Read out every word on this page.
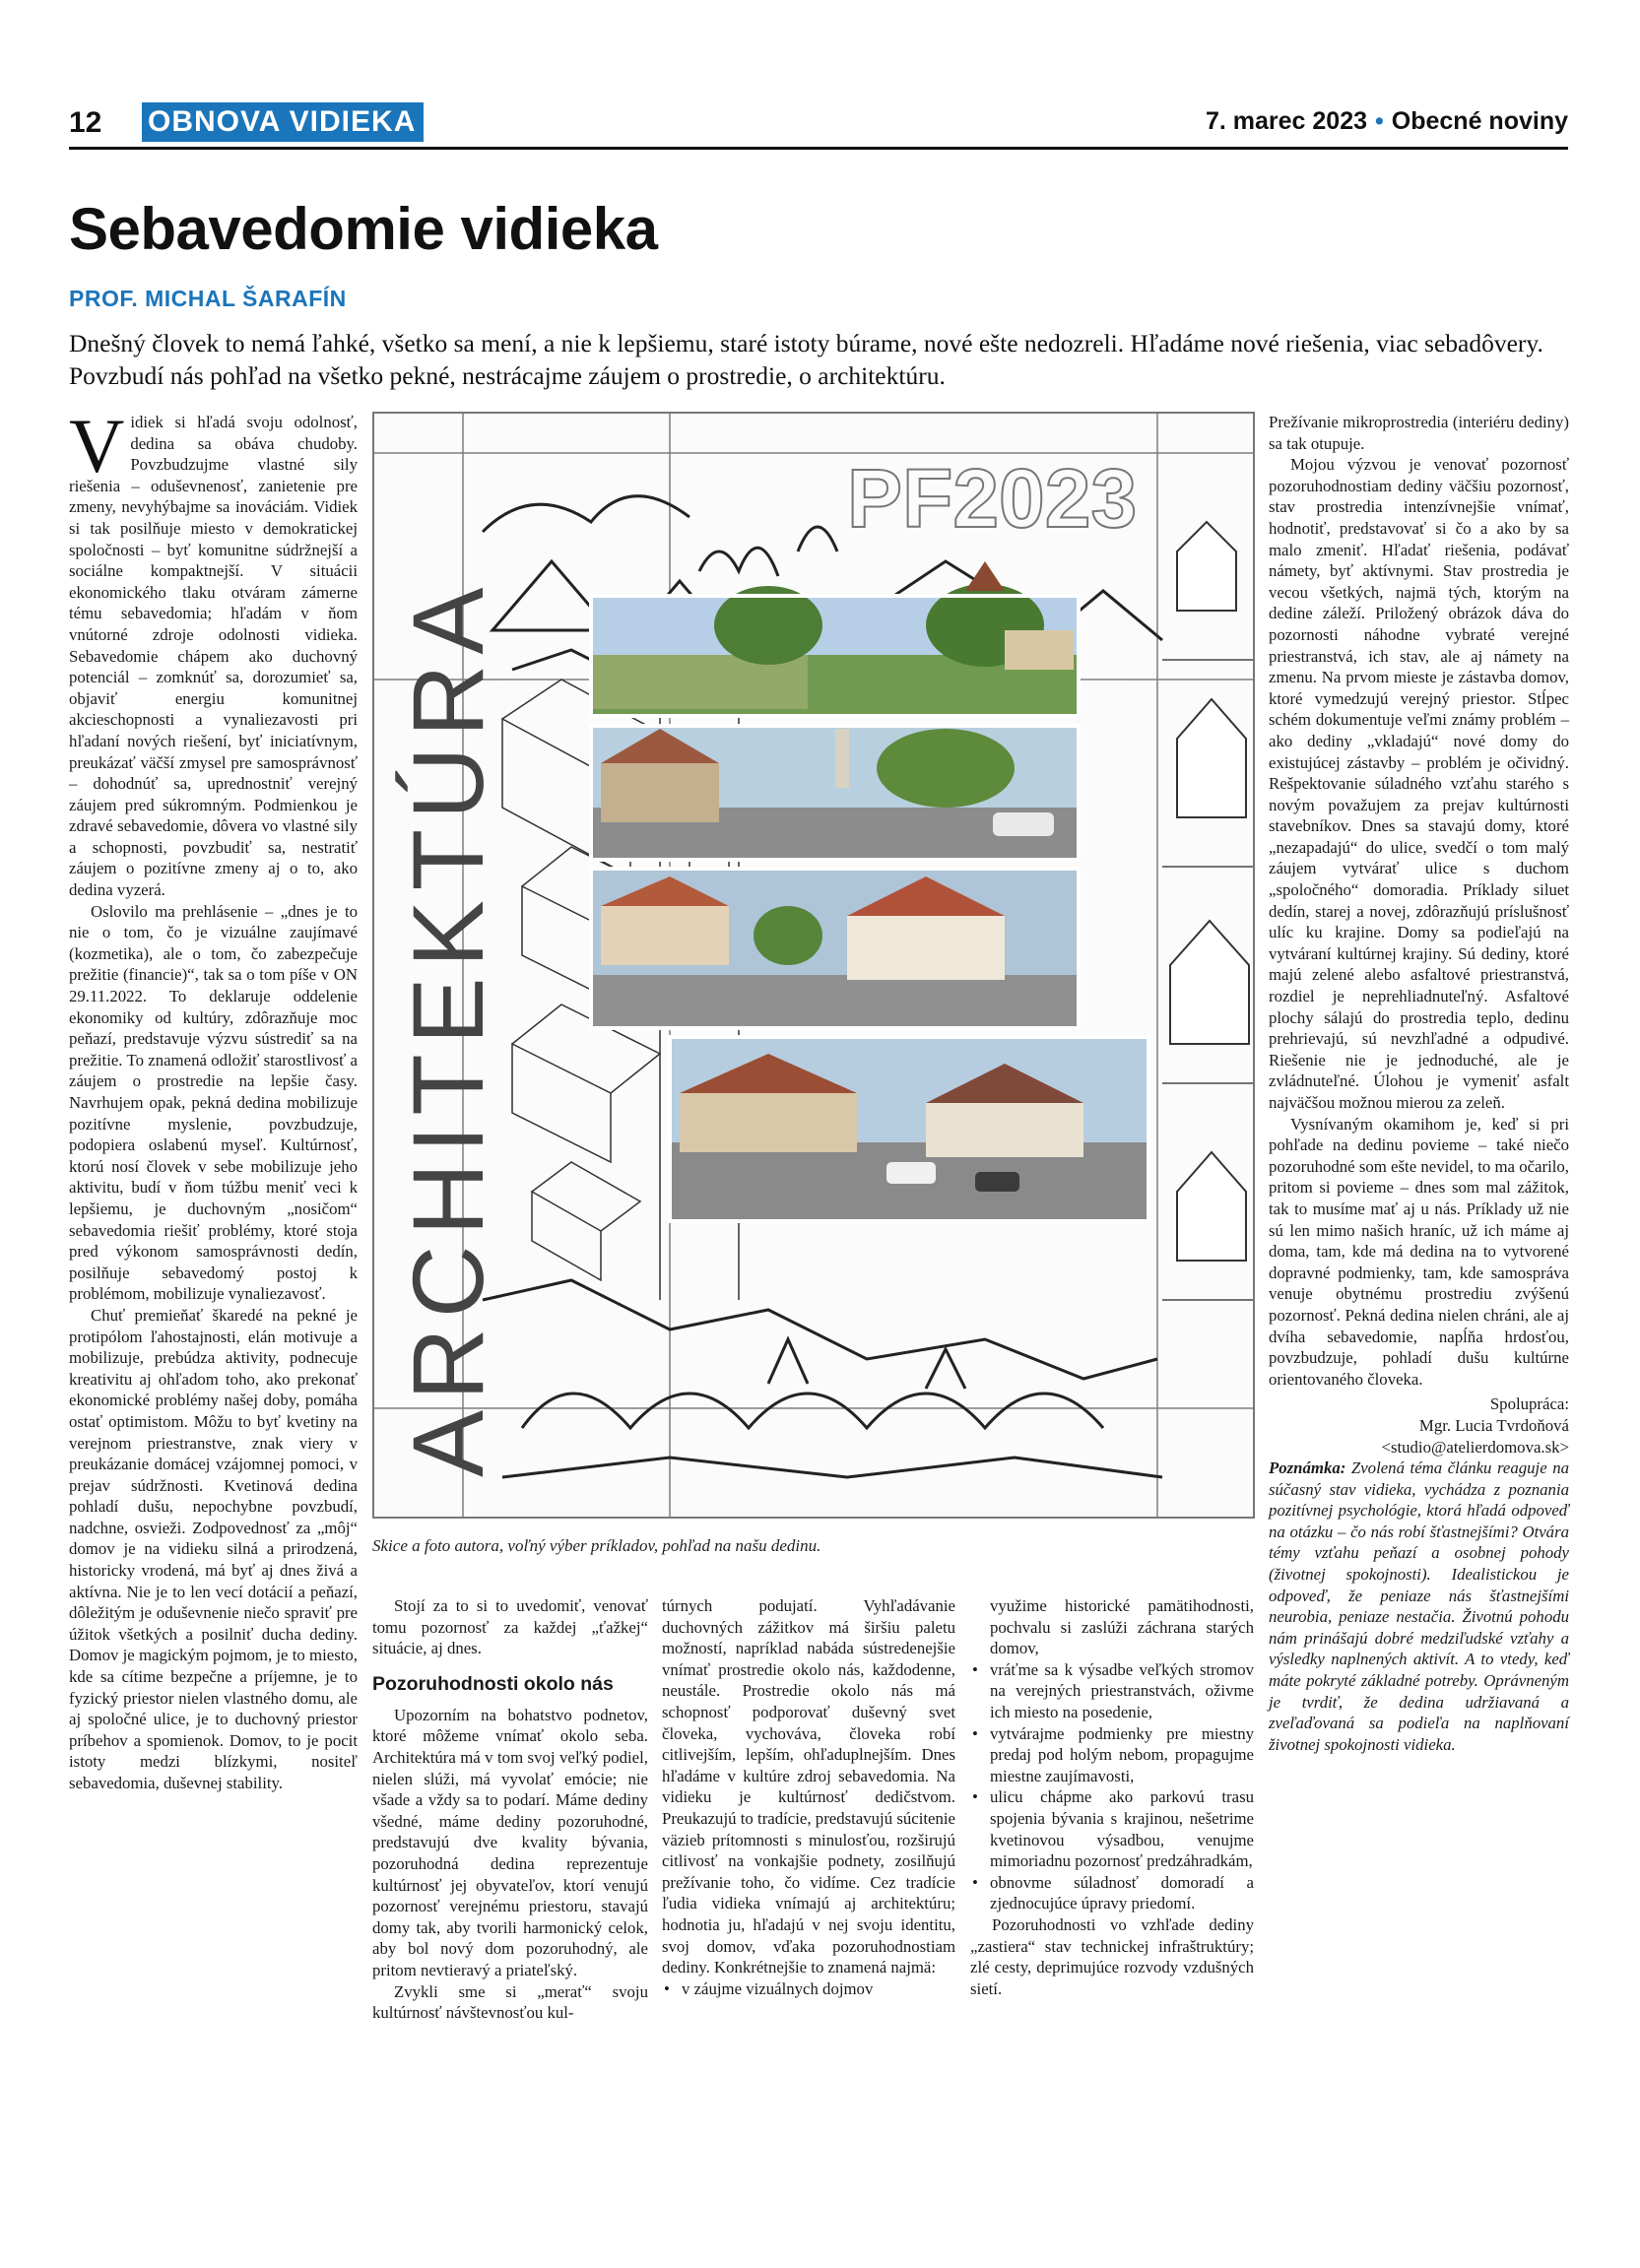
12 OBNOVA VIDIEKA	7. marec 2023 • Obecné noviny
Sebavedomie vidieka
PROF. MICHAL ŠARAFÍN

Dnešný človek to nemá ľahké, všetko sa mení, a nie k lepšiemu, staré istoty búrame, nové ešte nedozreli. Hľadáme nové riešenia, viac sebadôvery. Povzbudí nás pohľad na všetko pekné, nestrácajme záujem o prostredie, o architektúru.

Vidiek si hľadá svoju odolnosť, dedina sa obáva chudoby. Povzbudzujme vlastné sily riešenia – oduševnenosť, zanietenie pre zmeny, nevyhýbajme sa inováciám. Vidiek si tak posilňuje miesto v demokratickej spoločnosti – byť komunitne súdržnejší a sociálne kompaktnejší. V situácii ekonomického tlaku otváram zámerne tému sebavedomia; hľadám v ňom vnútorné zdroje odolnosti vidieka. Sebavedomie chápem ako duchovný potenciál – zomknúť sa, dorozumieť sa, objaviť energiu komunitnej akcieschopnosti a vynaliezavosti pri hľadaní nových riešení, byť iniciatívnym, preukázať väčší zmysel pre samosprávnosť – dohodnúť sa, uprednostniť verejný záujem pred súkromným. Podmienkou je zdravé sebavedomie, dôvera vo vlastné sily a schopnosti, povzbudiť sa, nestratiť záujem o pozitívne zmeny aj o to, ako dedina vyzerá.

Oslovilo ma prehlásenie – „dnes je to nie o tom, čo je vizuálne zaujímavé (kozmetika), ale o tom, čo zabezpečuje prežitie (financie)“, tak sa o tom píše v ON 29.11.2022. To deklaruje oddelenie ekonomiky od kultúry, zdôrazňuje moc peňazí, predstavuje výzvu sústrediť sa na prežitie. To znamená odložiť starostlivosť a záujem o prostredie na lepšie časy. Navrhujem opak, pekná dedina mobilizuje pozitívne myslenie, povzbudzuje, podopiera oslabenú myseľ. Kultúrnosť, ktorú nosí človek v sebe mobilizuje jeho aktivitu, budí v ňom túžbu meniť veci k lepšiemu, je duchovným „nosičom“ sebavedomia riešiť problémy, ktoré stoja pred výkonom samosprávnosti dedín, posilňuje sebavedomý postoj k problémom, mobilizuje vynaliezavosť.

Chuť premieňať škaredé na pekné je protipólom ľahostajnosti, elán motivuje a mobilizuje, prebúdza aktivity, podnecuje kreativitu aj ohľadom toho, ako prekonať ekonomické problémy našej doby, pomáha ostať optimistom. Môžu to byť kvetiny na verejnom priestranstve, znak viery v preukázanie domácej vzájomnej pomoci, v prejav súdržnosti. Kvetinová dedina pohladí dušu, nepochybne povzbudí, nadchne, osvieži. Zodpovednosť za „môj“ domov je na vidieku silná a prirodzená, historicky vrodená, má byť aj dnes živá a aktívna. Nie je to len vecí dotácií a peňazí, dôležitým je oduševnenie niečo spraviť pre úžitok všetkých a posilniť ducha dediny. Domov je magickým pojmom, je to miesto, kde sa cítime bezpečne a príjemne, je to fyzický priestor nielen vlastného domu, ale aj spoločné ulice, je to duchovný priestor príbehov a spomienok. Domov, to je pocit istoty medzi blízkymi, nositeľ sebavedomia, duševnej stability.

PF2023
ARCHITEKTÚRA
Skice a foto autora, voľný výber príkladov, pohľad na našu dedinu.

Stojí za to si to uvedomiť, venovať tomu pozornosť za každej „ťažkej“ situácie, aj dnes.

Pozoruhodnosti okolo nás

Upozorním na bohatstvo podnetov, ktoré môžeme vnímať okolo seba. Architektúra má v tom svoj veľký podiel, nielen slúži, má vyvolať emócie; nie všade a vždy sa to podarí. Máme dediny všedné, máme dediny pozoruhodné, predstavujú dve kvality bývania, pozoruhodná dedina reprezentuje kultúrnosť jej obyvateľov, ktorí venujú pozornosť verejnému priestoru, stavajú domy tak, aby tvorili harmonický celok, aby bol nový dom pozoruhodný, ale pritom nevtieravý a priateľský.

Zvykli sme si „merať“ svoju kultúrnosť návštevnosťou kul-

túrnych podujatí. Vyhľadávanie duchovných zážitkov má širšiu paletu možností, napríklad nabáda sústredenejšie vnímať prostredie okolo nás, každodenne, neustále. Prostredie okolo nás má schopnosť podporovať duševný svet človeka, vychováva, človeka robí citlivejším, lepším, ohľaduplnejším. Dnes hľadáme v kultúre zdroj sebavedomia. Na vidieku je kultúrnosť dedičstvom. Preukazujú to tradície, predstavujú súcitenie väzieb prítomnosti s minulosťou, rozširujú citlivosť na vonkajšie podnety, zosilňujú prežívanie toho, čo vidíme. Cez tradície ľudia vidieka vnímajú aj architektúru; hodnotia ju, hľadajú v nej svoju identitu, svoj domov, vďaka pozoruhodnostiam dediny. Konkrétnejšie to znamená najmä:

• v záujme vizuálnych dojmov

využime historické pamätihodnosti, pochvalu si zaslúži záchrana starých domov,

• vráťme sa k výsadbe veľkých stromov na verejných priestranstvách, oživme ich miesto na posedenie,
• vytvárajme podmienky pre miestny predaj pod holým nebom, propagujme miestne zaujímavosti,
• ulicu chápme ako parkovú trasu spojenia bývania s krajinou, nešetrime kvetinovou výsadbou, venujme mimoriadnu pozornosť predzáhradkám,
• obnovme súladnosť domoradí a zjednocujúce úpravy priedomí.

Pozoruhodnosti vo vzhľade dediny „zastiera“ stav technickej infraštruktúry; zlé cesty, deprimujúce rozvody vzdušných sietí.

Prežívanie mikroprostredia (interiéru dediny) sa tak otupuje.

Mojou výzvou je venovať pozornosť pozoruhodnostiam dediny väčšiu pozornosť, stav prostredia intenzívnejšie vnímať, hodnotiť, predstavovať si čo a ako by sa malo zmeniť. Hľadať riešenia, podávať námety, byť aktívnymi. Stav prostredia je vecou všetkých, najmä tých, ktorým na dedine záleží. Priložený obrázok dáva do pozornosti náhodne vybraté verejné priestranstvá, ich stav, ale aj námety na zmenu. Na prvom mieste je zástavba domov, ktoré vymedzujú verejný priestor. Stĺpec schém dokumentuje veľmi známy problém – ako dediny „vkladajú“ nové domy do existujúcej zástavby – problém je očividný. Rešpektovanie súladného vzťahu starého s novým považujem za prejav kultúrnosti stavebníkov. Dnes sa stavajú domy, ktoré „nezapadajú“ do ulice, svedčí o tom malý záujem vytvárať ulice s duchom „spoločného“ domoradia. Príklady siluet dedín, starej a novej, zdôrazňujú príslušnosť ulíc ku krajine. Domy sa podieľajú na vytváraní kultúrnej krajiny. Sú dediny, ktoré majú zelené alebo asfaltové priestranstvá, rozdiel je neprehliadnuteľný. Asfaltové plochy sálajú do prostredia teplo, dedinu prehrievajú, sú nevzhľadné a odpudivé. Riešenie nie je jednoduché, ale je zvládnuteľné. Úlohou je vymeniť asfalt najväčšou možnou mierou za zeleň.

Vysnívaným okamihom je, keď si pri pohľade na dedinu povieme – také niečo pozoruhodné som ešte nevidel, to ma očarilo, pritom si povieme – dnes som mal zážitok, tak to musíme mať aj u nás. Príklady už nie sú len mimo našich hraníc, už ich máme aj doma, tam, kde má dedina na to vytvorené dopravné podmienky, tam, kde samospráva venuje obytnému prostrediu zvýšenú pozornosť. Pekná dedina nielen chráni, ale aj dvíha sebavedomie, napĺňa hrdosťou, povzbudzuje, pohladí dušu kultúrne orientovaného človeka.

Spolupráca:
Mgr. Lucia Tvrdoňová
<studio@atelierdomova.sk>

Poznámka: Zvolená téma článku reaguje na súčasný stav vidieka, vychádza z poznania pozitívnej psychológie, ktorá hľadá odpoveď na otázku – čo nás robí šťastnejšími? Otvára témy vzťahu peňazí a osobnej pohody (životnej spokojnosti). Idealistickou je odpoveď, že peniaze nás šťastnejšími neurobia, peniaze nestačia. Životnú pohodu nám prinášajú dobré medziľudské vzťahy a výsledky naplnených aktivít. A to vtedy, keď máte pokryté základné potreby. Oprávneným je tvrdiť, že dedina udržiavaná a zveľaďovaná sa podieľa na naplňovaní životnej spokojnosti vidieka.
